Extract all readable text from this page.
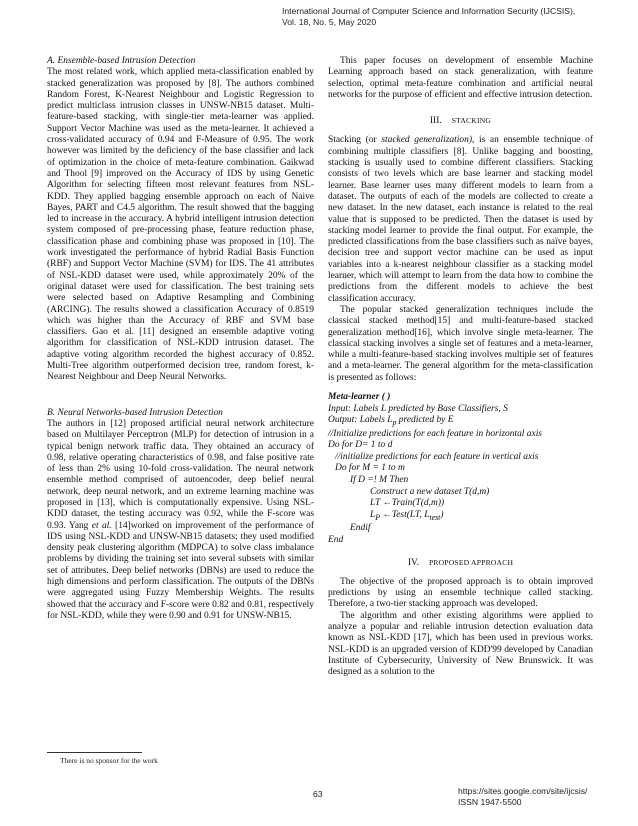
International Journal of Computer Science and Information Security (IJCSIS),
Vol. 18, No. 5, May 2020

A. Ensemble-based Intrusion Detection

The most related work, which applied meta-classification enabled by stacked generalization was proposed by [8]. The authors combined Random Forest, K-Nearest Neighbour and Logistic Regression to predict multiclass intrusion classes in UNSW-NB15 dataset. Multi-feature-based stacking, with single-tier meta-learner was applied. Support Vector Machine was used as the meta-learner. It achieved a cross-validated accuracy of 0.94 and F-Measure of 0.95. The work however was limited by the deficiency of the base classifier and lack of optimization in the choice of meta-feature combination. Gaikwad and Thool [9] improved on the Accuracy of IDS by using Genetic Algorithm for selecting fifteen most relevant features from NSL-KDD. They applied bagging ensemble approach on each of Naive Bayes, PART and C4.5 algorithm. The result showed that the bagging led to increase in the accuracy. A hybrid intelligent intrusion detection system composed of pre-processing phase, feature reduction phase, classification phase and combining phase was proposed in [10]. The work investigated the performance of hybrid Radial Basis Function (RBF) and Support Vector Machine (SVM) for IDS. The 41 attributes of NSL-KDD dataset were used, while approximately 20% of the original dataset were used for classification. The best training sets were selected based on Adaptive Resampling and Combining (ARCING). The results showed a classification Accuracy of 0.8519 which was higher than the Accuracy of RBF and SVM base classifiers. Gao et al. [11] designed an ensemble adaptive voting algorithm for classification of NSL-KDD intrusion dataset. The adaptive voting algorithm recorded the highest accuracy of 0.852. Multi-Tree algorithm outperformed decision tree, random forest, k-Nearest Neighbour and Deep Neural Networks.

B. Neural Networks-based Intrusion Detection

The authors in [12] proposed artificial neural network architecture based on Multilayer Perceptron (MLP) for detection of intrusion in a typical benign network traffic data. They obtained an accuracy of 0.98, relative operating characteristics of 0.98, and false positive rate of less than 2% using 10-fold cross-validation. The neural network ensemble method comprised of autoencoder, deep belief neural network, deep neural network, and an extreme learning machine was proposed in [13], which is computationally expensive. Using NSL-KDD dataset, the testing accuracy was 0.92, while the F-score was 0.93. Yang et al. [14]worked on improvement of the performance of IDS using NSL-KDD and UNSW-NB15 datasets; they used modified density peak clustering algorithm (MDPCA) to solve class imbalance problems by dividing the training set into several subsets with similar set of attributes. Deep belief networks (DBNs) are used to reduce the high dimensions and perform classification. The outputs of the DBNs were aggregated using Fuzzy Membership Weights. The results showed that the accuracy and F-score were 0.82 and 0.81, respectively for NSL-KDD, while they were 0.90 and 0.91 for UNSW-NB15.

This paper focuses on development of ensemble Machine Learning approach based on stack generalization, with feature selection, optimal meta-feature combination and artificial neural networks for the purpose of efficient and effective intrusion detection.

III. STACKING

Stacking (or stacked generalization), is an ensemble technique of combining multiple classifiers [8]. Unlike bagging and boosting, stacking is usually used to combine different classifiers. Stacking consists of two levels which are base learner and stacking model learner. Base learner uses many different models to learn from a dataset. The outputs of each of the models are collected to create a new dataset. In the new dataset, each instance is related to the real value that is supposed to be predicted. Then the dataset is used by stacking model learner to provide the final output. For example, the predicted classifications from the base classifiers such as naïve bayes, decision tree and support vector machine can be used as input variables into a k-nearest neighbour classifier as a stacking model learner, which will attempt to learn from the data how to combine the predictions from the different models to achieve the best classification accuracy.

The popular stacked generalization techniques include the classical stacked method[15] and multi-feature-based stacked generalization method[16], which involve single meta-learner. The classical stacking involves a single set of features and a meta-learner, while a multi-feature-based stacking involves multiple set of features and a meta-learner. The general algorithm for the meta-classification is presented as follows:

Meta-learner ( )
Input: Labels L predicted by Base Classifiers, S
Output: Labels $L_p$ predicted by E
//Initialize predictions for each feature in horizontal axis
Do for D= 1 to d
//initialize predictions for each feature in vertical axis
Do for M = 1 to m
If D =! M Then
Construct a new dataset T(d,m)
LT ←Train(T(d,m))
$L_P$ ←Test(LT, $L_{test}$)
Endif
End
IV. PROPOSED APPROACH

The objective of the proposed approach is to obtain improved predictions by using an ensemble technique called stacking. Therefore, a two-tier stacking approach was developed.

The algorithm and other existing algorithms were applied to analyze a popular and reliable intrusion detection evaluation data known as NSL-KDD [17], which has been used in previous works. NSL-KDD is an upgraded version of KDD'99 developed by Canadian Institute of Cybersecurity, University of New Brunswick. It was designed as a solution to the

There is no sponsor for the work
63	https://sites.google.com/site/ijcsis/
ISSN 1947-5500
